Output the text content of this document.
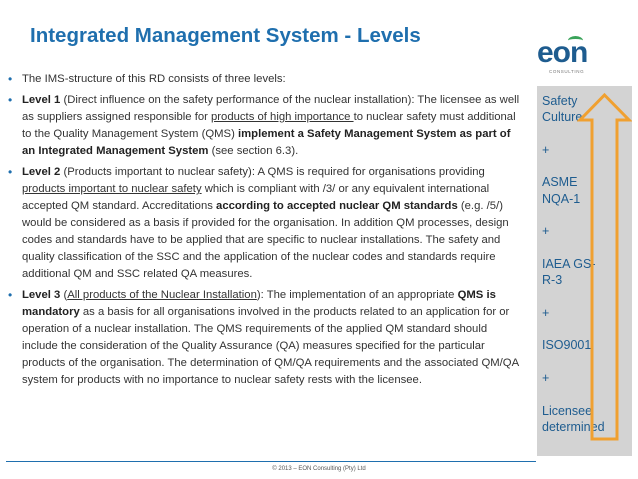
Integrated Management System - Levels
eon
CONSULTING
• The IMS-structure of this RD consists of three levels:
• Level 1 (Direct influence on the safety performance of the nuclear installation): The licensee as well as suppliers assigned responsible for products of high importance to nuclear safety must additional to the Quality Management System (QMS) implement a Safety Management System as part of an Integrated Management System (see section 6.3).
• Level 2 (Products important to nuclear safety): A QMS is required for organisations providing products important to nuclear safety which is compliant with /3/ or any equivalent international accepted QM standard. Accreditations according to accepted nuclear QM standards (e.g. /5/) would be considered as a basis if provided for the organisation. In addition QM processes, design codes and standards have to be applied that are specific to nuclear installations. The safety and quality classification of the SSC and the application of the nuclear codes and standards require additional QM and SSC related QA measures.
• Level 3 (All products of the Nuclear Installation): The implementation of an appropriate QMS is mandatory as a basis for all organisations involved in the products related to an application for or operation of a nuclear installation. The QMS requirements of the applied QM standard should include the consideration of the Quality Assurance (QA) measures specified for the particular products of the organisation. The determination of QM/QA requirements and the associated QM/QA system for products with no importance to nuclear safety rests with the licensee.

Safety Culture

+

ASME NQA-1

+

IAEA GS-R-3

+

ISO9001

+

Licensee determined

© 2013 – EON Consulting (Pty) Ltd
